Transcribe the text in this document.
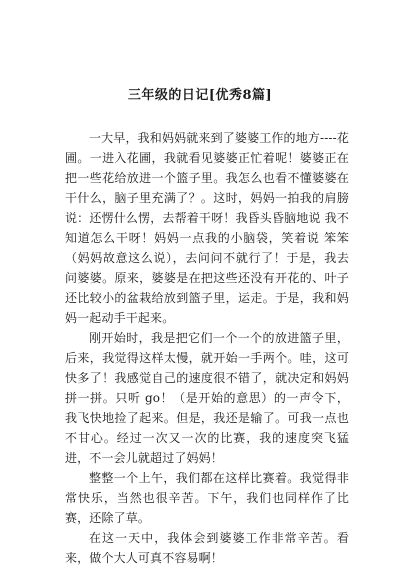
三年级的日记[优秀8篇]

一大早，我和妈妈就来到了婆婆工作的地方----花圃。一进入花圃，我就看见婆婆正忙着呢！婆婆正在把一些花给放进一个篮子里。我怎么也看不懂婆婆在干什么，脑子里充满了？。这时，妈妈一拍我的肩膀说：还愣什么愣，去帮着干呀！我昏头昏脑地说 我不知道怎么干呀！妈妈一点我的小脑袋，笑着说 笨笨（妈妈故意这么说），去问问不就行了！于是，我去问婆婆。原来，婆婆是在把这些还没有开花的、叶子还比较小的盆栽给放到篮子里，运走。于是，我和妈妈一起动手干起来。

刚开始时，我是把它们一个一个的放进篮子里，后来，我觉得这样太慢，就开始一手两个。哇，这可快多了！我感觉自己的速度很不错了，就决定和妈妈拼一拼。只听 go！（是开始的意思）的一声令下，我飞快地捡了起来。但是，我还是输了。可我一点也不甘心。经过一次又一次的比赛，我的速度突飞猛进，不一会儿就超过了妈妈！

整整一个上午，我们都在这样比赛着。我觉得非常快乐，当然也很辛苦。下午，我们也同样作了比赛，还除了草。

在这一天中，我体会到婆婆工作非常辛苦。看来，做个大人可真不容易啊！
